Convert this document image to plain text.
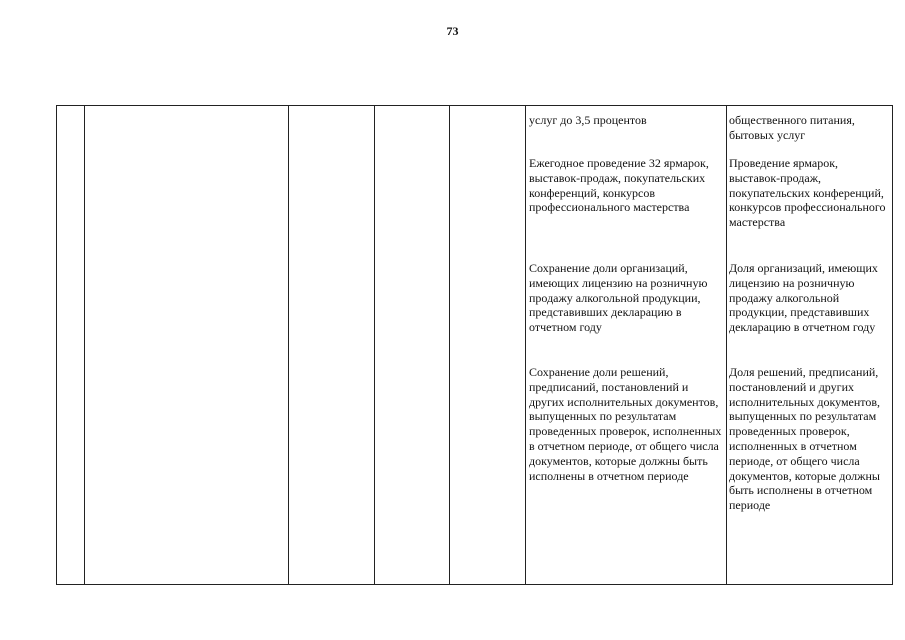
73
услуг до 3,5 процентов	общественного питания, бытовых услуг
Ежегодное проведение 32 ярмарок, выставок-продаж, покупательских конференций, конкурсов профессионального мастерства
Проведение ярмарок, выставок-продаж, покупательских конференций, конкурсов профессионального мастерства
Сохранение доли организаций, имеющих лицензию на розничную продажу алкогольной продукции, представивших декларацию в отчетном году
Доля организаций, имеющих лицензию на розничную продажу алкогольной продукции, представивших декларацию в отчетном году
Сохранение доли решений, предписаний, постановлений и других исполнительных документов, выпущенных по результатам проведенных проверок, исполненных в отчетном периоде, от общего числа документов, которые должны быть исполнены в отчетном периоде
Доля решений, предписаний, постановлений и других исполнительных документов, выпущенных по результатам проведенных проверок, исполненных в отчетном периоде, от общего числа документов, которые должны быть исполнены в отчетном периоде
